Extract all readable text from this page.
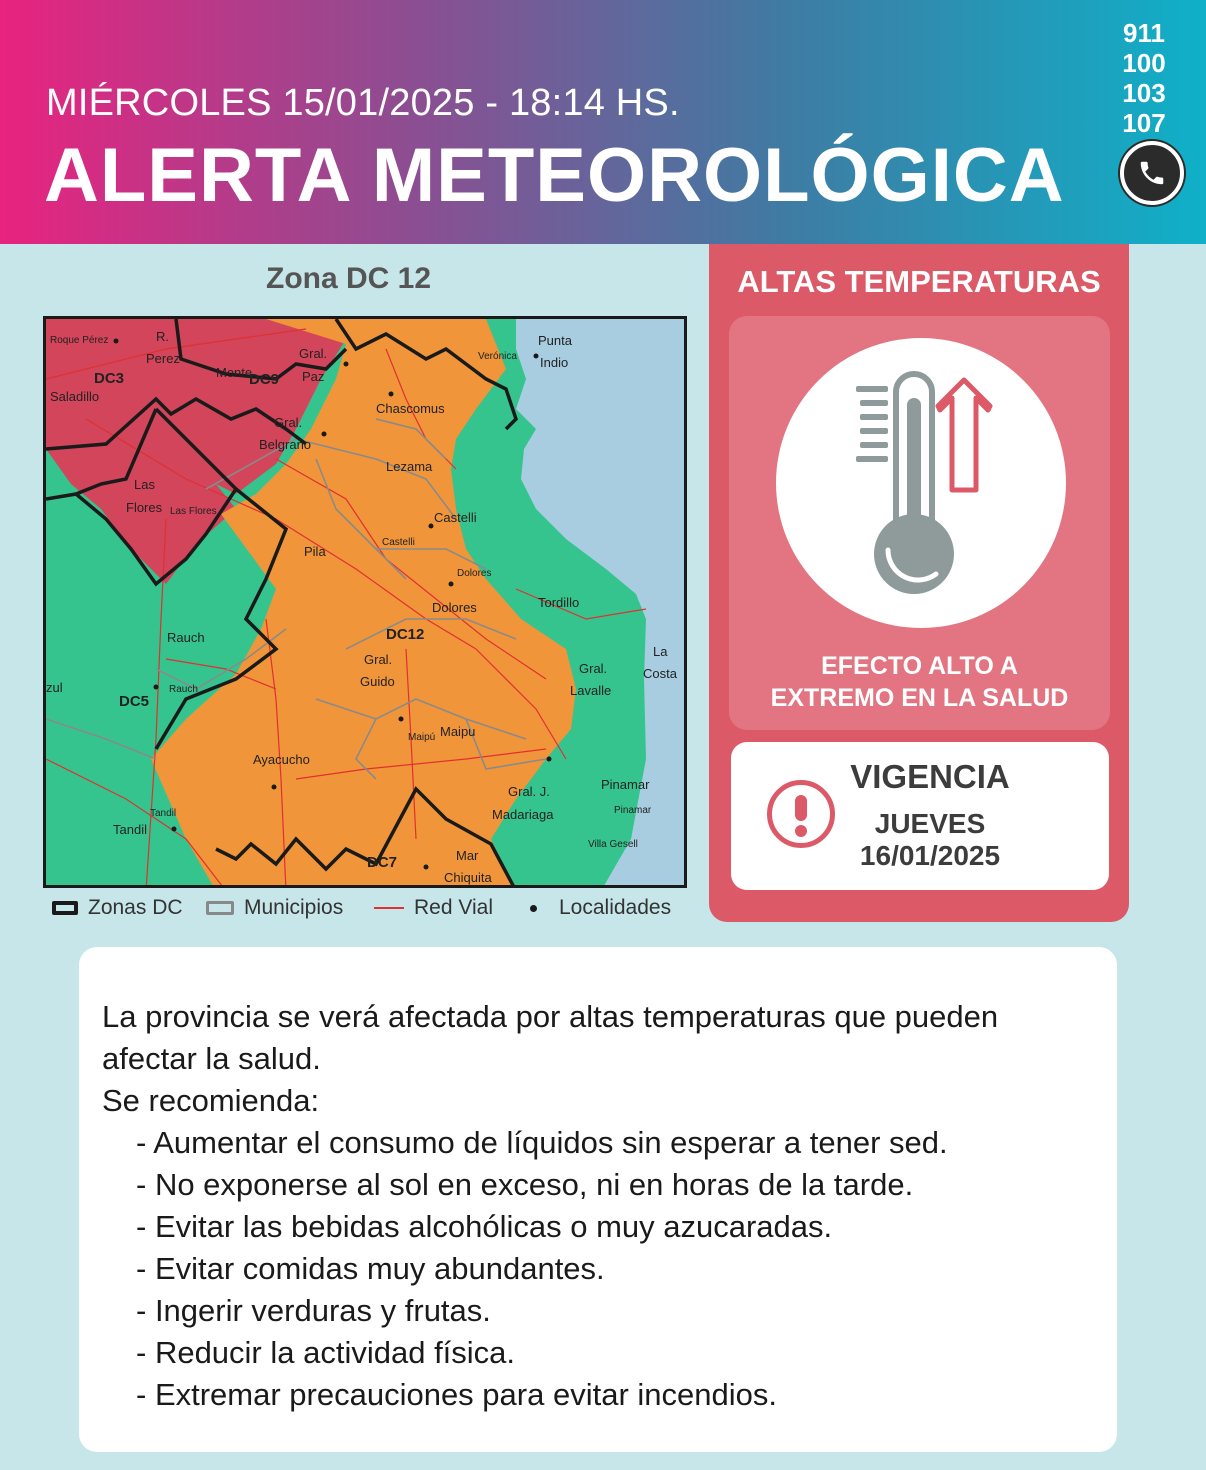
MIÉRCOLES 15/01/2025 - 18:14 HS.
ALERTA METEOROLÓGICA
911
100
103
107
Zona DC 12
Roque Pérez	R.
Perez
DC3
Saladillo
Monte
DC9
Gral.
Paz
Gral.
Belgrano
Chascomus
Verónica
Punta
Indio
Lezama
Las
Flores Las Flores	Castelli
Castelli
Pila
Dolores
Dolores	Tordillo
DC12
Rauch
Rauch
Gral.
Guido
La
Costa
Gral.
Lavalle
zul
DC5
Maipú Maipu
Ayacucho
Pinamar
Pinamar
Gral. J.
Madariaga
Tandil
Tandil
Villa Gesell
DC7	Mar
Chiquita
Zonas DC	Municipios	Red Vial	Localidades
ALTAS TEMPERATURAS
EFECTO ALTO A
EXTREMO EN LA SALUD
VIGENCIA
JUEVES
16/01/2025
La provincia se verá afectada por altas temperaturas que pueden
afectar la salud.
Se recomienda:
- Aumentar el consumo de líquidos sin esperar a tener sed.
- No exponerse al sol en exceso, ni en horas de la tarde.
- Evitar las bebidas alcohólicas o muy azucaradas.
- Evitar comidas muy abundantes.
- Ingerir verduras y frutas.
- Reducir la actividad física.
- Extremar precauciones para evitar incendios.
